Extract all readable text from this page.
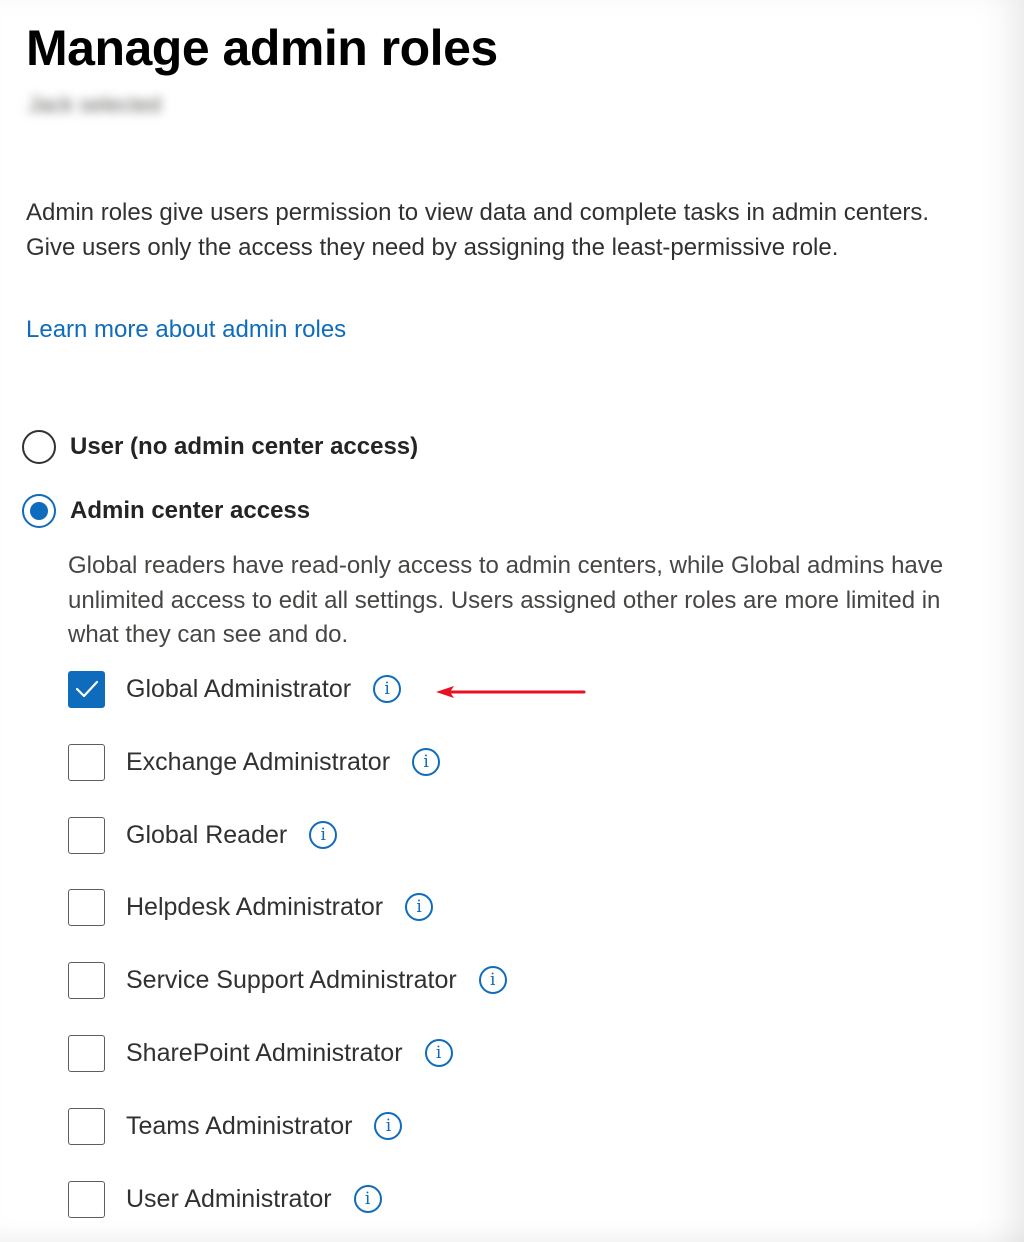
Manage admin roles
Jack selected

Admin roles give users permission to view data and complete tasks in admin centers. Give users only the access they need by assigning the least-permissive role.

Learn more about admin roles
User (no admin center access)
Admin center access

Global readers have read-only access to admin centers, while Global admins have unlimited access to edit all settings. Users assigned other roles are more limited in what they can see and do.

Global Administrator	i
Exchange Administrator	i
Global Reader	i
Helpdesk Administrator	i
Service Support Administrator	i
SharePoint Administrator	i
Teams Administrator	i
User Administrator	i
